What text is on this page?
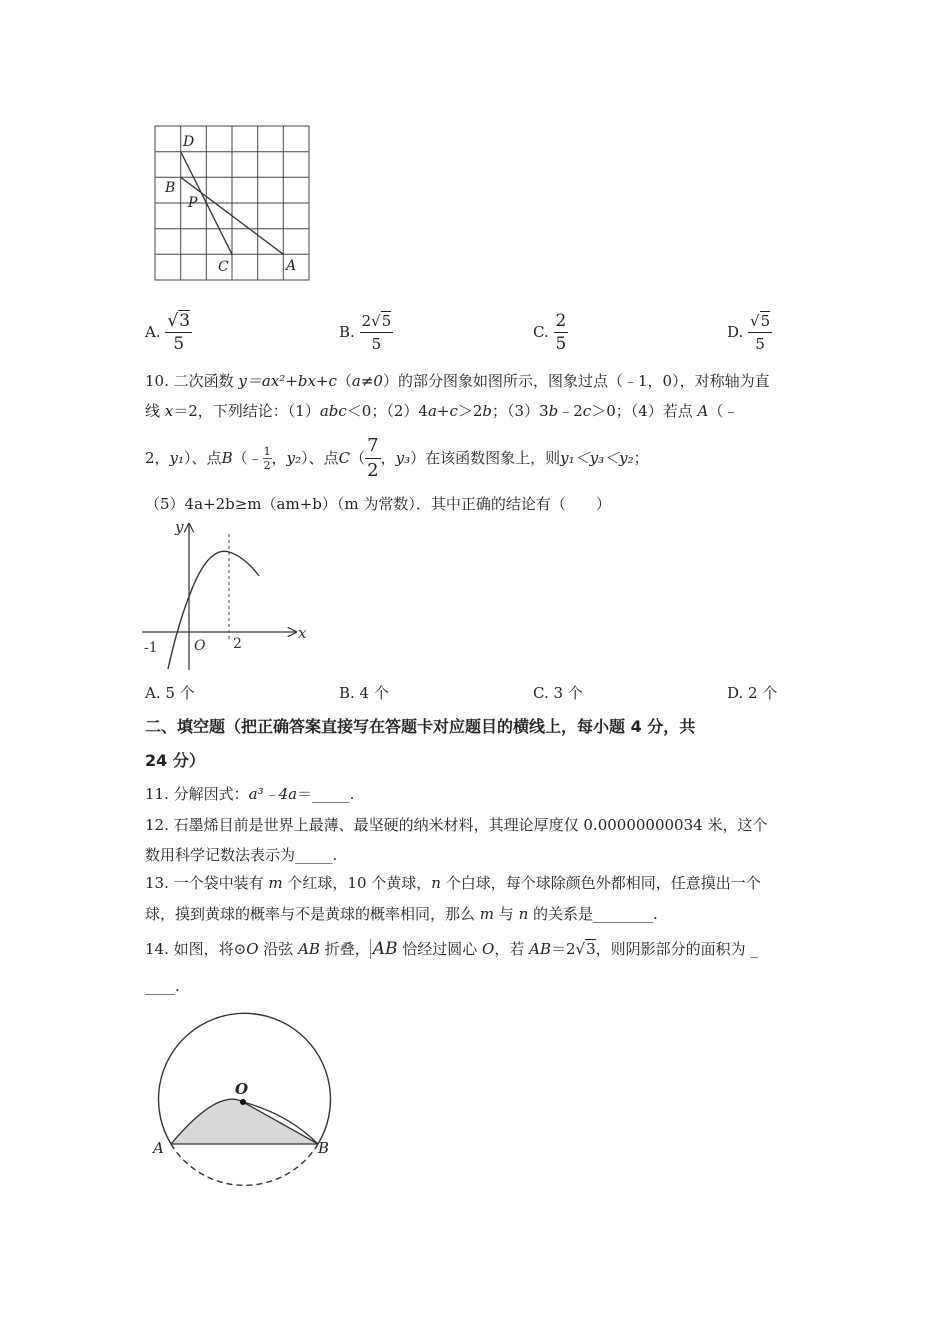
D
B
P
C	A
A.
$\frac{√3}{5}$	B.
$\frac{2√5}{5}$	C.
$\frac{2}{5}$	D.
$\frac{√5}{5}$
10. 二次函数 y＝ax²+bx+c（a≠0）的部分图象如图所示，图象过点（﹣1，0），对称轴为直
线 x＝2，下列结论：（1）abc＜0；（2）4a+c＞2b；（3）3b﹣2c＞0；（4）若点 A（﹣
2， y₁ ）、点 B （﹣ $\frac{1}{2}$ ， y₂ ）、点 C （ $\frac{7}{2}$ ， y₃ ）在该函数图象上，则 y₁＜y₃＜y₂ ；
（5）4a+2b≥m（am+b）（m 为常数）．其中正确的结论有（　　）
y
x
O
-1	2
A. 5 个	B. 4 个	C. 3 个	D. 2 个
二、填空题（把正确答案直接写在答题卡对应题目的横线上，每小题 4 分，共
24 分）
11. 分解因式：a³﹣4a＝_____.
12. 石墨烯目前是世界上最薄、最坚硬的纳米材料，其理论厚度仅 0.00000000034 米，这个
数用科学记数法表示为_____.
13. 一个袋中装有 m 个红球，10 个黄球，n 个白球，每个球除颜色外都相同，任意摸出一个
球，摸到黄球的概率与不是黄球的概率相同，那么 m 与 n 的关系是________.
14. 如图，将⊙O 沿弦 AB 折叠， AB 恰经过圆心 O，若 AB＝2√3，则阴影部分的面积为 _
____.
O
A	B
